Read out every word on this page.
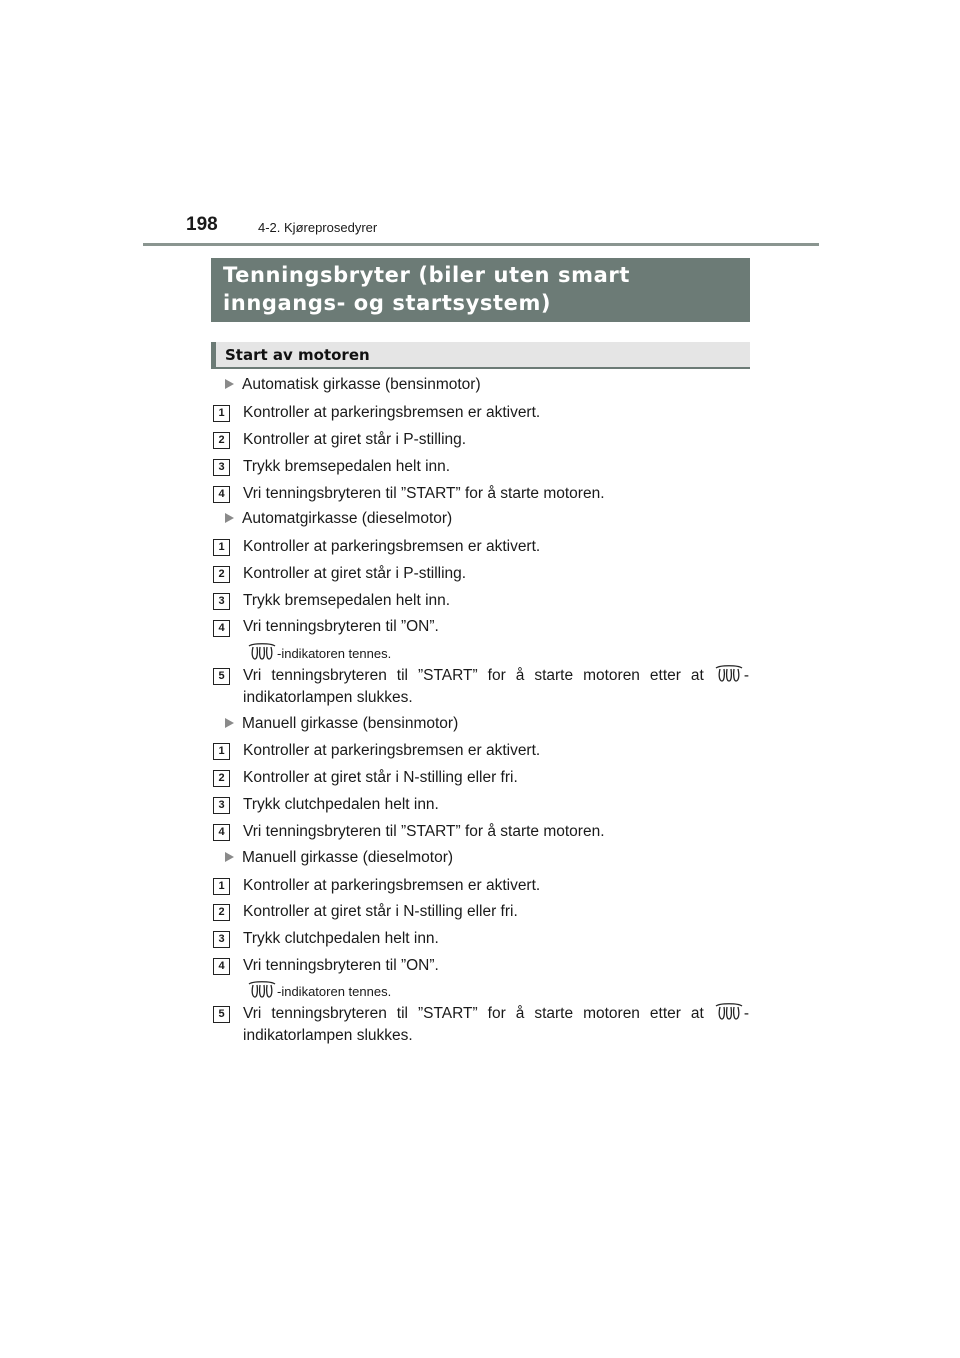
198	4-2. Kjøreprosedyrer
Tenningsbryter (biler uten smart
inngangs- og startsystem)
Start av motoren
Automatisk girkasse (bensinmotor)
1	Kontroller at parkeringsbremsen er aktivert.
2	Kontroller at giret står i P-stilling.
3	Trykk bremsepedalen helt inn.
4	Vri tenningsbryteren til ”START” for å starte motoren.
Automatgirkasse (dieselmotor)
1	Kontroller at parkeringsbremsen er aktivert.
2	Kontroller at giret står i P-stilling.
3	Trykk bremsepedalen helt inn.
4	Vri tenningsbryteren til ”ON”.
-indikatoren tennes.
5	Vri tenningsbryteren til ”START” for å starte motoren etter at	-indikatorlampen slukkes.
Manuell girkasse (bensinmotor)
1	Kontroller at parkeringsbremsen er aktivert.
2	Kontroller at giret står i N-stilling eller fri.
3	Trykk clutchpedalen helt inn.
4	Vri tenningsbryteren til ”START” for å starte motoren.
Manuell girkasse (dieselmotor)
1	Kontroller at parkeringsbremsen er aktivert.
2	Kontroller at giret står i N-stilling eller fri.
3	Trykk clutchpedalen helt inn.
4	Vri tenningsbryteren til ”ON”.
-indikatoren tennes.
5	Vri tenningsbryteren til ”START” for å starte motoren etter at	-indikatorlampen slukkes.
